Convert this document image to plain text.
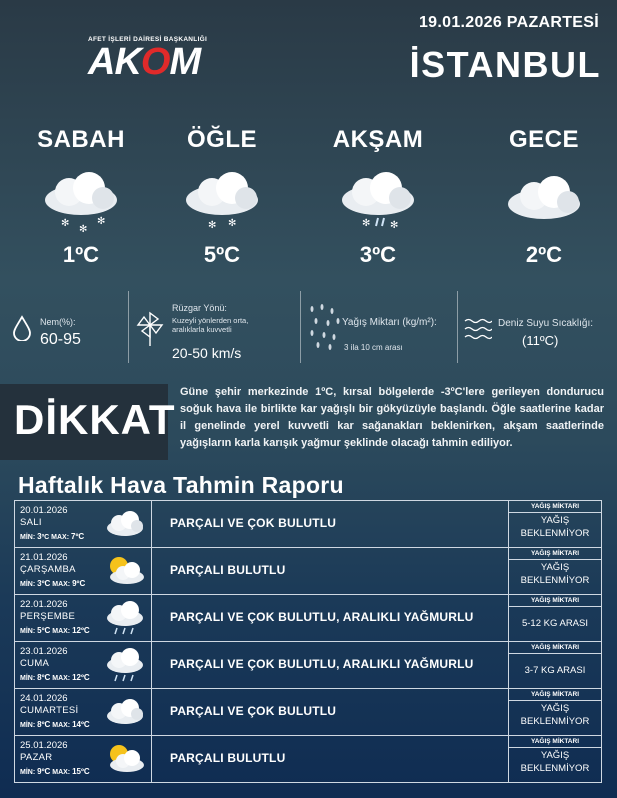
19.01.2026 PAZARTESİ
İSTANBUL
AFET İŞLERİ DAİRESİ BAŞKANLIĞI
AKOM
SABAH
✻
✻
✻
1ºC
ÖĞLE
✻ ✻
5ºC
AKŞAM
✻ ✻
3ºC
GECE
2ºC
Nem(%):
60-95
Rüzgar Yönü:
Kuzeyli yönlerden orta,
aralıklarla kuvvetli
20-50 km/s
Yağış Miktarı (kg/m²):
3 ila 10 cm arası
Deniz Suyu Sıcaklığı:
(11ºC)
DİKKAT
Güne şehir merkezinde 1ºC, kırsal bölgelerde -3ºC'lere gerileyen dondurucu soğuk hava ile birlikte kar yağışlı bir gökyüzüyle başlandı. Öğle saatlerine kadar il genelinde yerel kuvvetli kar sağanakları beklenirken, akşam saatlerinde yağışların karla karışık yağmur şeklinde olacağı tahmin ediliyor.
Haftalık Hava Tahmin Raporu
20.01.2026
SALI
MİN: 3ºC MAX: 7ºC
PARÇALI VE ÇOK BULUTLU
YAĞIŞ MİKTARI
YAĞIŞ
BEKLENMİYOR
21.01.2026
ÇARŞAMBA
MİN: 3ºC MAX: 9ºC
PARÇALI BULUTLU
YAĞIŞ MİKTARI
YAĞIŞ
BEKLENMİYOR
22.01.2026
PERŞEMBE
MİN: 5ºC MAX: 12ºC
PARÇALI VE ÇOK BULUTLU, ARALIKLI YAĞMURLU
YAĞIŞ MİKTARI
5-12 KG ARASI
23.01.2026
CUMA
MİN: 8ºC MAX: 12ºC
PARÇALI VE ÇOK BULUTLU, ARALIKLI YAĞMURLU
YAĞIŞ MİKTARI
3-7 KG ARASI
24.01.2026
CUMARTESİ
MİN: 8ºC MAX: 14ºC
PARÇALI VE ÇOK BULUTLU
YAĞIŞ MİKTARI
YAĞIŞ
BEKLENMİYOR
25.01.2026
PAZAR
MİN: 9ºC MAX: 15ºC
PARÇALI BULUTLU
YAĞIŞ MİKTARI
YAĞIŞ
BEKLENMİYOR
